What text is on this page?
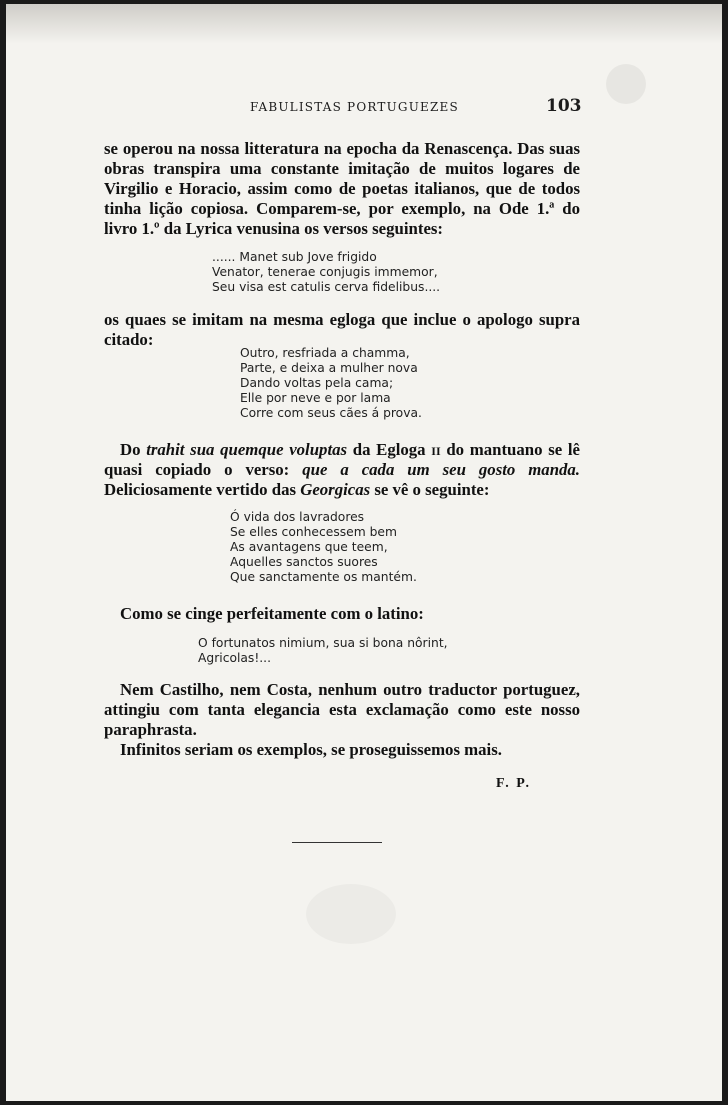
FABULISTAS PORTUGUEZES	103

se operou na nossa litteratura na epocha da Renascença. Das suas obras transpira uma constante imitação de muitos logares de Virgilio e Horacio, assim como de poetas italianos, que de todos tinha lição copiosa. Comparem-se, por exemplo, na Ode 1.ª do livro 1.º da Lyrica venusina os versos seguintes:

...... Manet sub Jove frigido
Venator, tenerae conjugis immemor,
Seu visa est catulis cerva fidelibus....

os quaes se imitam na mesma egloga que inclue o apologo supra citado:

Outro, resfriada a chamma,
Parte, e deixa a mulher nova
Dando voltas pela cama;
Elle por neve e por lama
Corre com seus cães á prova.

Do trahit sua quemque voluptas da Egloga ii do mantuano se lê quasi copiado o verso: que a cada um seu gosto manda. Deliciosamente vertido das Georgicas se vê o seguinte:

Ó vida dos lavradores
Se elles conhecessem bem
As avantagens que teem,
Aquelles sanctos suores
Que sanctamente os mantém.

Como se cinge perfeitamente com o latino:

O fortunatos nimium, sua si bona nôrint,
Agricolas!...

Nem Castilho, nem Costa, nenhum outro traductor portuguez, attingiu com tanta elegancia esta exclamação como este nosso paraphrasta.

Infinitos seriam os exemplos, se proseguissemos mais.

F. P.
